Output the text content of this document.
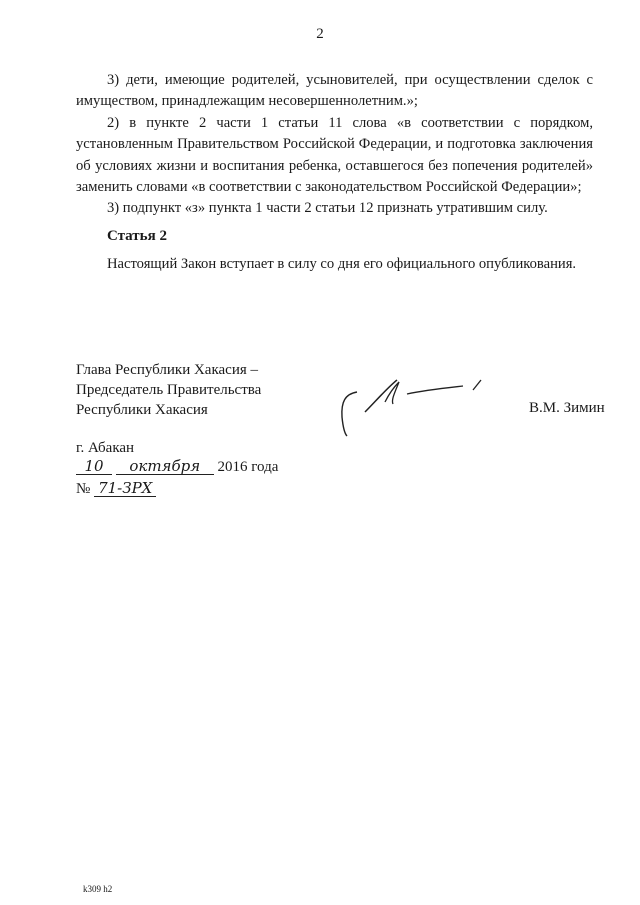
2

3) дети, имеющие родителей, усыновителей, при осуществлении сделок с имуществом, принадлежащим несовершеннолетним.»;

2) в пункте 2 части 1 статьи 11 слова «в соответствии с порядком, установленным Правительством Российской Федерации, и подготовка заключения об условиях жизни и воспитания ребенка, оставшегося без попечения родителей» заменить словами «в соответствии с законодательством Российской Федерации»;

3) подпункт «з» пункта 1 части 2 статьи 12 признать утратившим силу.

Статья 2
Настоящий Закон вступает в силу со дня его официального опубликования.
Глава Республики Хакасия –
Председатель Правительства
Республики Хакасия	В.М. Зимин
г. Абакан
10 октября 2016 года
№ 71-ЗРХ
k309 h2
